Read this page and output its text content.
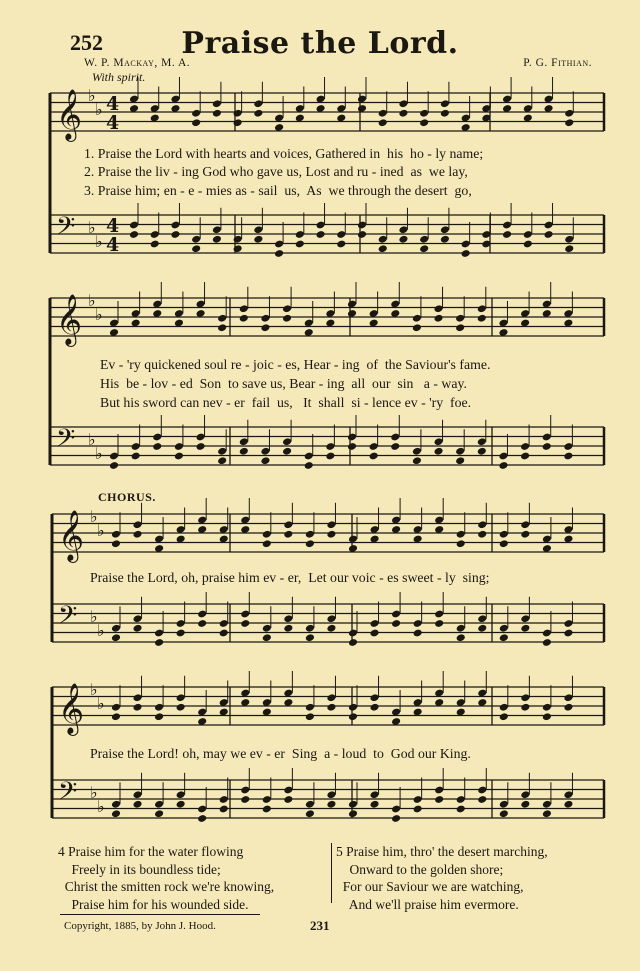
252	Praise the Lord.
W. P. Mackay, M. A.	P. G. Fithian.
With spirit.
𝄞 ♭
♭ 4
4
𝄢 ♭
♭
4
4
𝄞 ♭
♭
𝄢 ♭
♭
𝄞 ♭
♭
𝄢 ♭
♭
𝄞 ♭
♭
𝄢 ♭
♭
1. Praise the Lord with hearts and voices, Gathered in  his  ho - ly name;
2. Praise the liv - ing God who gave us, Lost and ru - ined  as  we lay,
3. Praise him; en - e - mies as - sail  us,  As  we through the desert  go,
Ev - 'ry quickened soul re - joic - es, Hear - ing  of  the Saviour's fame.
His  be - lov - ed  Son  to save us, Bear - ing  all  our  sin   a - way.
But his sword can nev - er  fail  us,   It  shall  si - lence ev - 'ry  foe.
CHORUS.
Praise the Lord, oh, praise him ev - er,  Let our voic - es sweet - ly  sing;
Praise the Lord! oh, may we ev - er  Sing  a - loud  to  God our King.
4 Praise him for the water flowing
Freely in its boundless tide;
Christ the smitten rock we're knowing,
Praise him for his wounded side.
5 Praise him, thro' the desert marching,
Onward to the golden shore;
For our Saviour we are watching,
And we'll praise him evermore.
Copyright, 1885, by John J. Hood.	231
